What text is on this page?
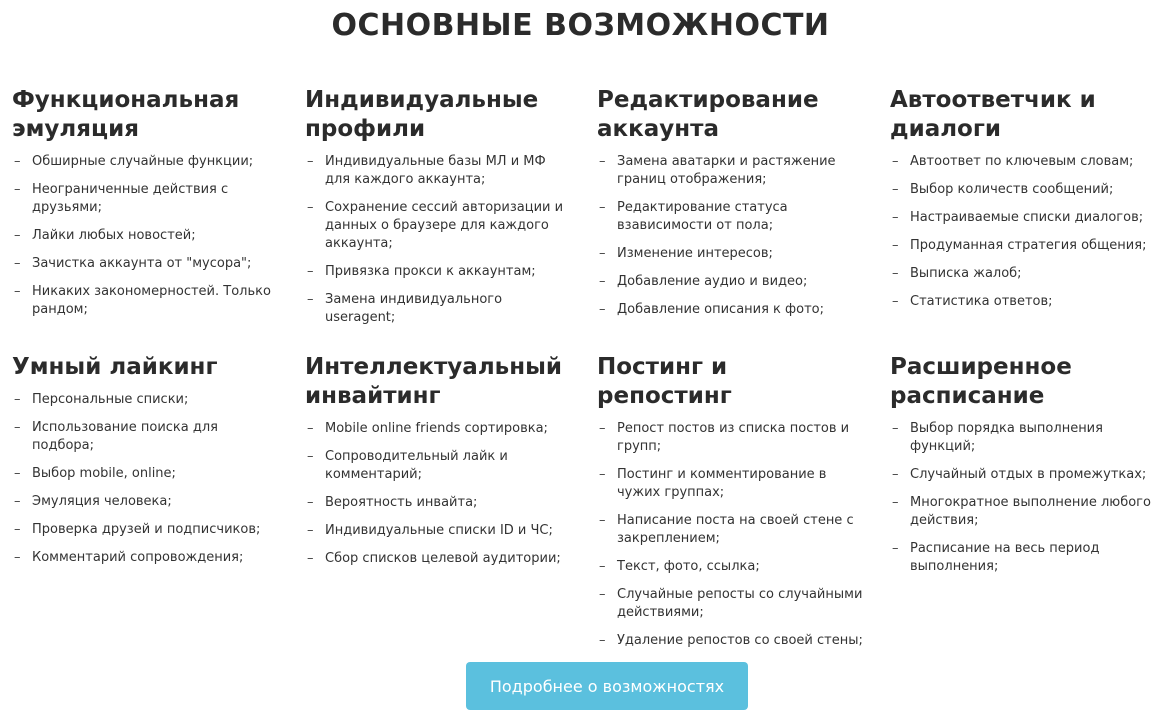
ОСНОВНЫЕ ВОЗМОЖНОСТИ
Функциональная
эмуляция
– Обширные случайные функции;
– Неограниченные действия с друзьями;
– Лайки любых новостей;
– Зачистка аккаунта от "мусора";
– Никаких закономерностей. Только рандом;
Индивидуальные
профили
– Индивидуальные базы МЛ и МФ для каждого аккаунта;
– Сохранение сессий авторизации и данных о браузере для каждого аккаунта;
– Привязка прокси к аккаунтам;
– Замена индивидуального useragent;
Редактирование
аккаунта
– Замена аватарки и растяжение границ отображения;
– Редактирование статуса взависимости от пола;
– Изменение интересов;
– Добавление аудио и видео;
– Добавление описания к фото;
Автоответчик и
диалоги
– Автоответ по ключевым словам;
– Выбор количеств сообщений;
– Настраиваемые списки диалогов;
– Продуманная стратегия общения;
– Выписка жалоб;
– Статистика ответов;
Умный лайкинг
– Персональные списки;
– Использование поиска для подбора;
– Выбор mobile, online;
– Эмуляция человека;
– Проверка друзей и подписчиков;
– Комментарий сопровождения;
Интеллектуальный
инвайтинг
– Mobile online friends сортировка;
– Сопроводительный лайк и комментарий;
– Вероятность инвайта;
– Индивидуальные списки ID и ЧС;
– Сбор списков целевой аудитории;
Постинг и репостинг
– Репост постов из списка постов и групп;
– Постинг и комментирование в чужих группах;
– Написание поста на своей стене с закреплением;
– Текст, фото, ссылка;
– Случайные репосты со случайными действиями;
– Удаление репостов со своей стены;
Расширенное
расписание
– Выбор порядка выполнения функций;
– Случайный отдых в промежутках;
– Многократное выполнение любого действия;
– Расписание на весь период выполнения;
Подробнее о возможностях
